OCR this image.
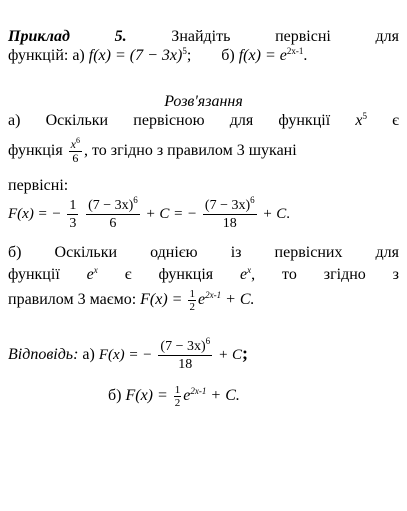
Приклад 5.	Знайдіть первісні для
функцій: а) $f(x) = (7 - 3x)^5$; б) $f(x) = e^{2x-1}$.
Розв'язання
а) Оскільки первісною для функції $x^5$ є
функція $\frac{x^6}{6}$ , то згідно з правилом 3 шукані
первісні:
F(x) = − $\frac{1}{3}$
$\frac{(7 - 3x)^6}{6} + C$ = − $\frac{(7 - 3x)^6}{18} + C$.
б) Оскільки однією із первісних для
функції $e^x$ є функція $e^x$, то згідно з
правилом 3 маємо: $F(x) = \frac{1}{2} e^{2x-1} + C$.
Відповідь: а) F(x) = − $\frac{(7 - 3x)^6}{18} + C$;
б) $F(x) = \frac{1}{2} e^{2x-1} + C$.
